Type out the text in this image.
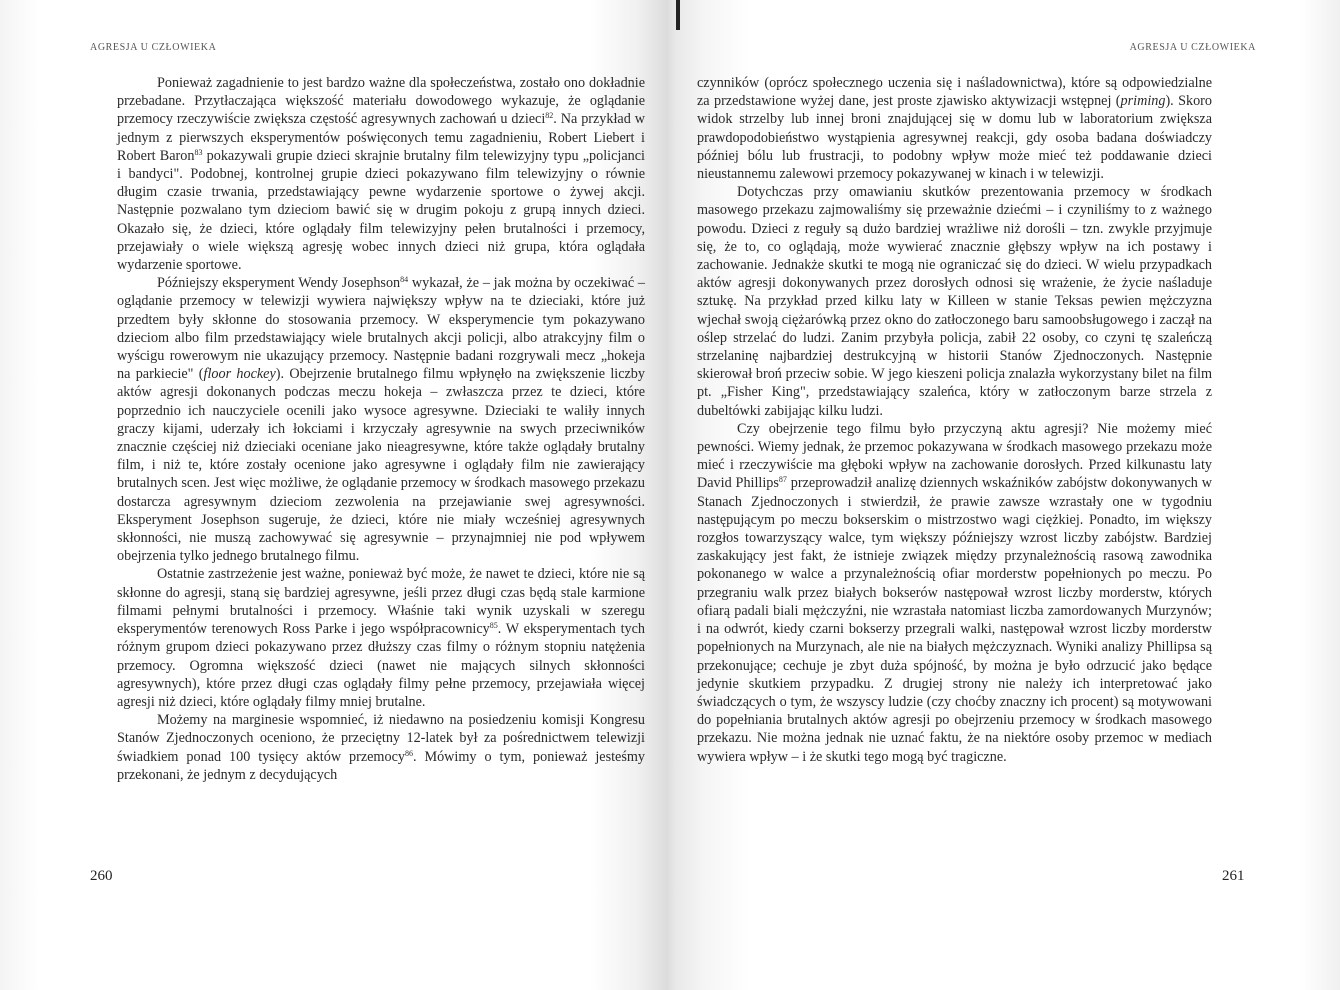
AGRESJA U CZŁOWIEKA	AGRESJA U CZŁOWIEKA

Ponieważ zagadnienie to jest bardzo ważne dla społeczeństwa, zostało ono dokładnie przebadane. Przytłaczająca większość materiału dowodowego wykazuje, że oglądanie przemocy rzeczywiście zwiększa częstość agresywnych zachowań u dzieci$^{82}$. Na przykład w jednym z pierwszych eksperymentów poświęconych temu zagadnieniu, Robert Liebert i Robert Baron$^{83}$ pokazywali grupie dzieci skrajnie brutalny film telewizyjny typu „policjanci i bandyci". Podobnej, kontrolnej grupie dzieci pokazywano film telewizyjny o równie długim czasie trwania, przedstawiający pewne wydarzenie sportowe o żywej akcji. Następnie pozwalano tym dzieciom bawić się w drugim pokoju z grupą innych dzieci. Okazało się, że dzieci, które oglądały film telewizyjny pełen brutalności i przemocy, przejawiały o wiele większą agresję wobec innych dzieci niż grupa, która oglądała wydarzenie sportowe.

Późniejszy eksperyment Wendy Josephson$^{84}$ wykazał, że – jak można by oczekiwać – oglądanie przemocy w telewizji wywiera największy wpływ na te dzieciaki, które już przedtem były skłonne do stosowania przemocy. W eksperymencie tym pokazywano dzieciom albo film przedstawiający wiele brutalnych akcji policji, albo atrakcyjny film o wyścigu rowerowym nie ukazujący przemocy. Następnie badani rozgrywali mecz „hokeja na parkiecie" (floor hockey). Obejrzenie brutalnego filmu wpłynęło na zwiększenie liczby aktów agresji dokonanych podczas meczu hokeja – zwłaszcza przez te dzieci, które poprzednio ich nauczyciele ocenili jako wysoce agresywne. Dzieciaki te waliły innych graczy kijami, uderzały ich łokciami i krzyczały agresywnie na swych przeciwników znacznie częściej niż dzieciaki oceniane jako nieagresywne, które także oglądały brutalny film, i niż te, które zostały ocenione jako agresywne i oglądały film nie zawierający brutalnych scen. Jest więc możliwe, że oglądanie przemocy w środkach masowego przekazu dostarcza agresywnym dzieciom zezwolenia na przejawianie swej agresywności. Eksperyment Josephson sugeruje, że dzieci, które nie miały wcześniej agresywnych skłonności, nie muszą zachowywać się agresywnie – przynajmniej nie pod wpływem obejrzenia tylko jednego brutalnego filmu.

Ostatnie zastrzeżenie jest ważne, ponieważ być może, że nawet te dzieci, które nie są skłonne do agresji, staną się bardziej agresywne, jeśli przez długi czas będą stale karmione filmami pełnymi brutalności i przemocy. Właśnie taki wynik uzyskali w szeregu eksperymentów terenowych Ross Parke i jego współpracownicy$^{85}$. W eksperymentach tych różnym grupom dzieci pokazywano przez dłuższy czas filmy o różnym stopniu natężenia przemocy. Ogromna większość dzieci (nawet nie mających silnych skłonności agresywnych), które przez długi czas oglądały filmy pełne przemocy, przejawiała więcej agresji niż dzieci, które oglądały filmy mniej brutalne.

Możemy na marginesie wspomnieć, iż niedawno na posiedzeniu komisji Kongresu Stanów Zjednoczonych oceniono, że przeciętny 12-latek był za pośrednictwem telewizji świadkiem ponad 100 tysięcy aktów przemocy$^{86}$. Mówimy o tym, ponieważ jesteśmy przekonani, że jednym z decydujących

czynników (oprócz społecznego uczenia się i naśladownictwa), które są odpowiedzialne za przedstawione wyżej dane, jest proste zjawisko aktywizacji wstępnej (priming). Skoro widok strzelby lub innej broni znajdującej się w domu lub w laboratorium zwiększa prawdopodobieństwo wystąpienia agresywnej reakcji, gdy osoba badana doświadczy później bólu lub frustracji, to podobny wpływ może mieć też poddawanie dzieci nieustannemu zalewowi przemocy pokazywanej w kinach i w telewizji.

Dotychczas przy omawianiu skutków prezentowania przemocy w środkach masowego przekazu zajmowaliśmy się przeważnie dziećmi – i czyniliśmy to z ważnego powodu. Dzieci z reguły są dużo bardziej wrażliwe niż dorośli – tzn. zwykle przyjmuje się, że to, co oglądają, może wywierać znacznie głębszy wpływ na ich postawy i zachowanie. Jednakże skutki te mogą nie ograniczać się do dzieci. W wielu przypadkach aktów agresji dokonywanych przez dorosłych odnosi się wrażenie, że życie naśladuje sztukę. Na przykład przed kilku laty w Killeen w stanie Teksas pewien mężczyzna wjechał swoją ciężarówką przez okno do zatłoczonego baru samoobsługowego i zaczął na oślep strzelać do ludzi. Zanim przybyła policja, zabił 22 osoby, co czyni tę szaleńczą strzelaninę najbardziej destrukcyjną w historii Stanów Zjednoczonych. Następnie skierował broń przeciw sobie. W jego kieszeni policja znalazła wykorzystany bilet na film pt. „Fisher King", przedstawiający szaleńca, który w zatłoczonym barze strzela z dubeltówki zabijając kilku ludzi.

Czy obejrzenie tego filmu było przyczyną aktu agresji? Nie możemy mieć pewności. Wiemy jednak, że przemoc pokazywana w środkach masowego przekazu może mieć i rzeczywiście ma głęboki wpływ na zachowanie dorosłych. Przed kilkunastu laty David Phillips$^{87}$ przeprowadził analizę dziennych wskaźników zabójstw dokonywanych w Stanach Zjednoczonych i stwierdził, że prawie zawsze wzrastały one w tygodniu następującym po meczu bokserskim o mistrzostwo wagi ciężkiej. Ponadto, im większy rozgłos towarzyszący walce, tym większy późniejszy wzrost liczby zabójstw. Bardziej zaskakujący jest fakt, że istnieje związek między przynależnością rasową zawodnika pokonanego w walce a przynależnością ofiar morderstw popełnionych po meczu. Po przegraniu walk przez białych bokserów następował wzrost liczby morderstw, których ofiarą padali biali mężczyźni, nie wzrastała natomiast liczba zamordowanych Murzynów; i na odwrót, kiedy czarni bokserzy przegrali walki, następował wzrost liczby morderstw popełnionych na Murzynach, ale nie na białych mężczyznach. Wyniki analizy Phillipsa są przekonujące; cechuje je zbyt duża spójność, by można je było odrzucić jako będące jedynie skutkiem przypadku. Z drugiej strony nie należy ich interpretować jako świadczących o tym, że wszyscy ludzie (czy choćby znaczny ich procent) są motywowani do popełniania brutalnych aktów agresji po obejrzeniu przemocy w środkach masowego przekazu. Nie można jednak nie uznać faktu, że na niektóre osoby przemoc w mediach wywiera wpływ – i że skutki tego mogą być tragiczne.

260	261
